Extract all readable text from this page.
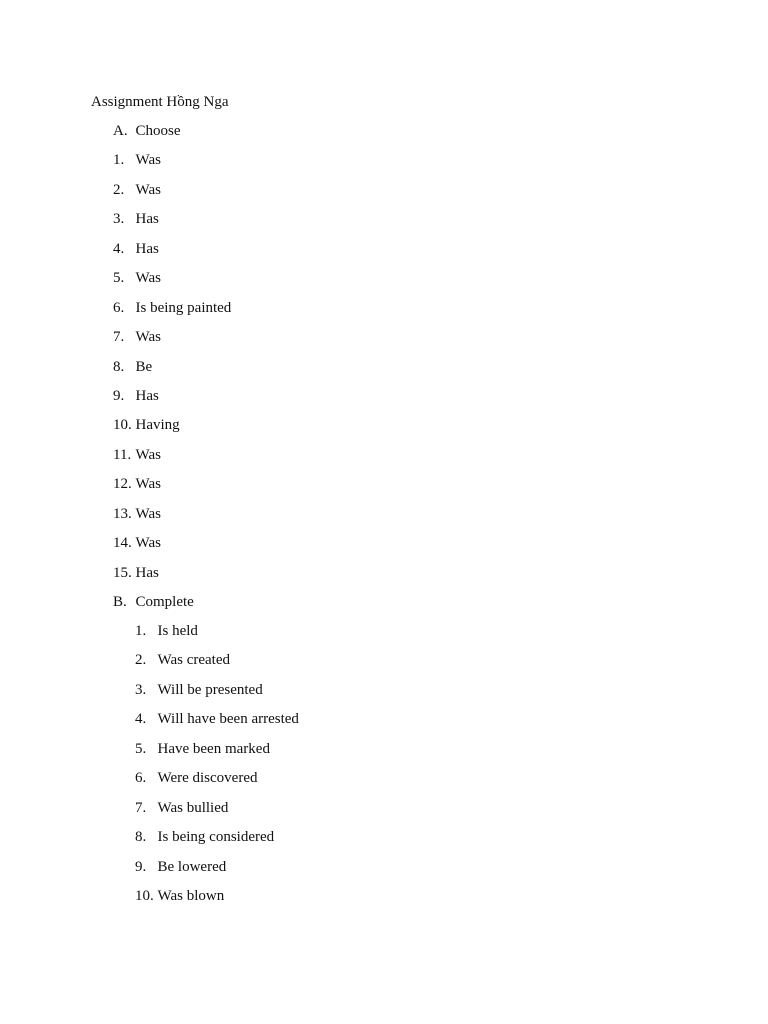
Assignment Hồng Nga
A. Choose
1. Was
2. Was
3. Has
4. Has
5. Was
6. Is being painted
7. Was
8. Be
9. Has
10. Having
11. Was
12. Was
13. Was
14. Was
15. Has
B. Complete
1. Is held
2. Was created
3. Will be presented
4. Will have been arrested
5. Have been marked
6. Were discovered
7. Was bullied
8. Is being considered
9. Be lowered
10. Was blown
